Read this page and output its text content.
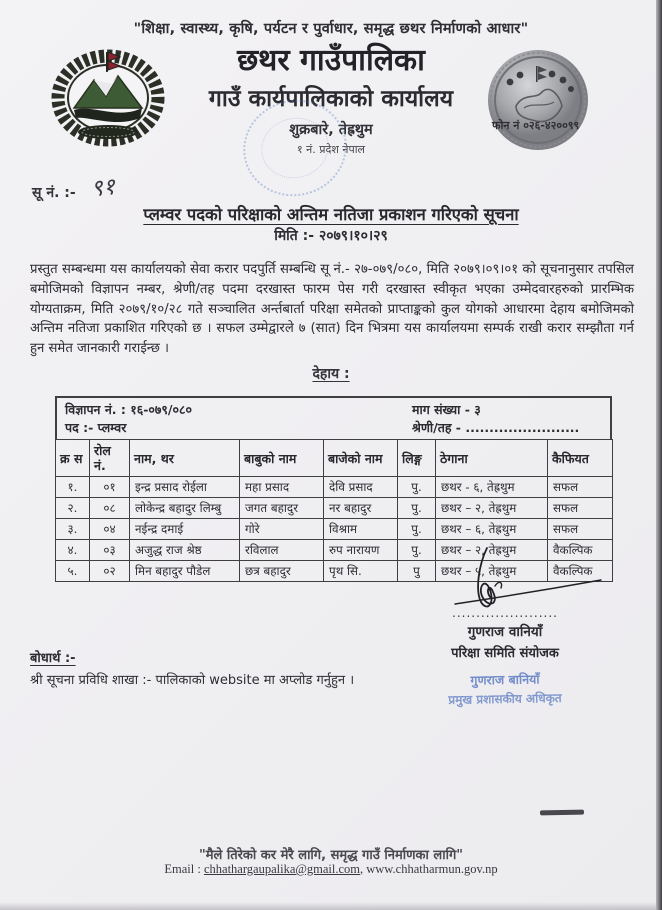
"शिक्षा, स्वास्थ्य, कृषि, पर्यटन र पुर्वाधार, समृद्ध छथर निर्माणको आधार"
छथर गाउँपालिका
गाउँ कार्यपालिकाको कार्यालय
शुक्रबारे, तेह्रथुम
१ नं. प्रदेश नेपाल
फोन नं ०२६-४२००९९
सू नं. :- ९१
प्लम्वर पदको परिक्षाको अन्तिम नतिजा प्रकाशन गरिएको सूचना
मिति :- २०७९।१०।२९
प्रस्तुत सम्बन्धमा यस कार्यालयको सेवा करार पदपुर्ति सम्बन्धि सू नं.- २७-०७९/०८०, मिति २०७९।०९।०१ को सूचनानुसार तपसिल बमोजिमको विज्ञापन नम्बर, श्रेणी/तह पदमा दरखास्त फारम पेस गरी दरखास्त स्वीकृत भएका उम्मेदवारहरुको प्रारम्भिक योग्यताक्रम, मिति २०७९/१०/२८ गते सञ्चालित अर्न्तबार्ता परिक्षा समेतको प्राप्ताङ्कको कुल योगको आधारमा देहाय बमोजिमको अन्तिम नतिजा प्रकाशित गरिएको छ । सफल उम्मेद्वारले ७ (सात) दिन भित्रमा यस कार्यालयमा सम्पर्क राखी करार सम्झौता गर्न हुन समेत जानकारी गराईन्छ ।
देहाय :
विज्ञापन नं. : १६-०७९/०८०
पद :- प्लम्वर
माग संख्या - ३
श्रेणी/तह - ........................
क्र स	रोल नं.	नाम, थर	बाबुको नाम	बाजेको नाम	लिङ्ग	ठेगाना	कैफियत
१.	०१	इन्द्र प्रसाद रोईला	महा प्रसाद	देवि प्रसाद	पु.	छथर - ६, तेह्रथुम	सफल
२.	०८	लोकेन्द्र बहादुर लिम्बु	जगत बहादुर	नर बहादुर	पु.	छथर – २, तेह्रथुम	सफल
३.	०४	नईन्द्र दमाई	गोरे	विश्राम	पु.	छथर – ६, तेह्रथुम	सफल
४.	०३	अजुद्ध राज श्रेष्ठ	रविलाल	रुप नारायण	पु.	छथर – २, तेह्रथुम	वैकल्पिक
५.	०२	मिन बहादुर पौडेल	छत्र बहादुर	पृथ सि.	पु	छथर – ५, तेह्रथुम	वैकल्पिक
......................
गुणराज वानियाँ
परिक्षा समिति संयोजक
गुणराज बानियाँ
प्रमुख प्रशासकीय अधिकृत
बोधार्थ :-
श्री सूचना प्रविधि शाखा :- पालिकाको website मा अप्लोड गर्नुहुन ।
"मैले तिरेको कर मेरै लागि, समृद्ध गाउँ निर्माणका लागि"
Email : chhathargaupalika@gmail.com, www.chhatharmun.gov.np
